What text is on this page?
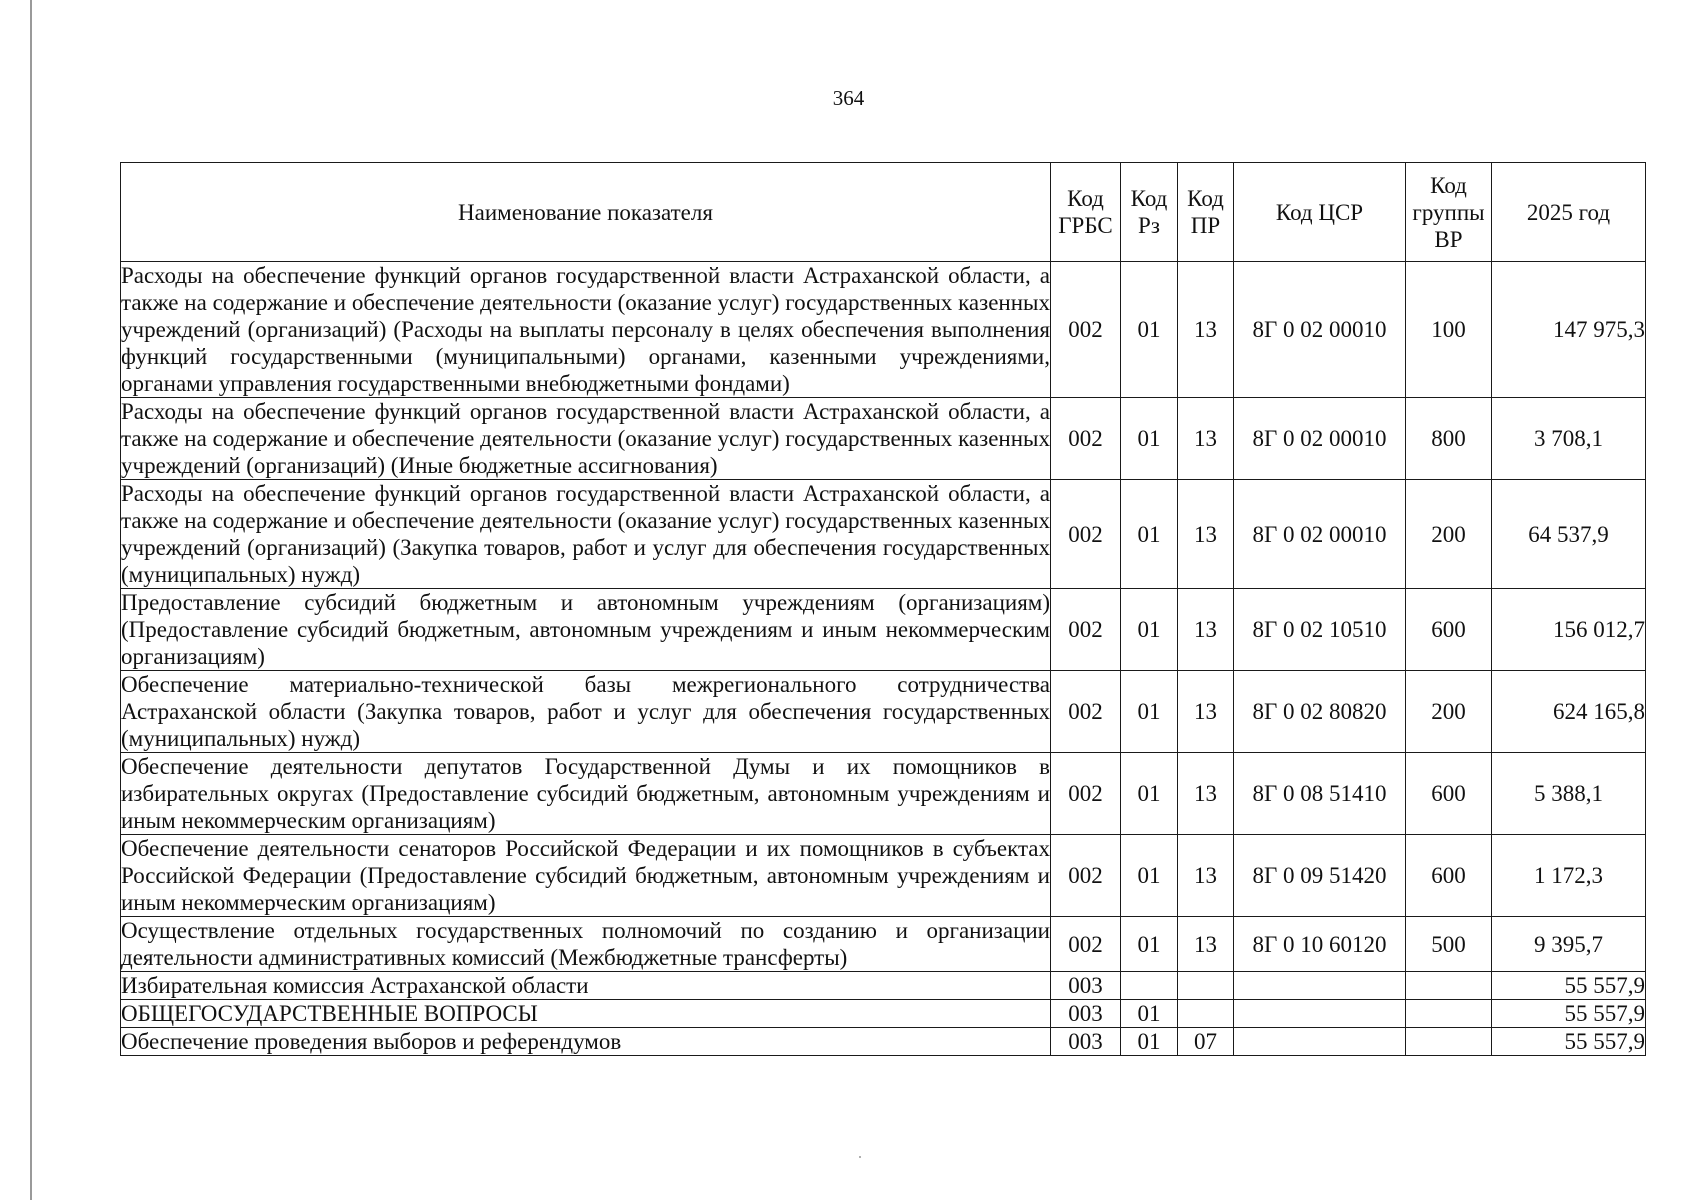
364
Наименование показателя	Код ГРБС	Код Рз	Код ПР	Код ЦСР	Код группы ВР	2025 год
Расходы на обеспечение функций органов государственной власти Астраханской области, а также на содержание и обеспечение деятельности (оказание услуг) государственных казенных учреждений (организаций) (Расходы на выплаты персоналу в целях обеспечения выполнения функций государственными (муниципальными) органами, казенными учреждениями, органами управления государственными внебюджетными фондами)	002	01	13	8Г 0 02 00010	100	147 975,3
Расходы на обеспечение функций органов государственной власти Астраханской области, а также на содержание и обеспечение деятельности (оказание услуг) государственных казенных учреждений (организаций) (Иные бюджетные ассигнования)	002	01	13	8Г 0 02 00010	800	3 708,1
Расходы на обеспечение функций органов государственной власти Астраханской области, а также на содержание и обеспечение деятельности (оказание услуг) государственных казенных учреждений (организаций) (Закупка товаров, работ и услуг для обеспечения государственных (муниципальных) нужд)	002	01	13	8Г 0 02 00010	200	64 537,9
Предоставление субсидий бюджетным и автономным учреждениям (организациям) (Предоставление субсидий бюджетным, автономным учреждениям и иным некоммерческим организациям)	002	01	13	8Г 0 02 10510	600	156 012,7
Обеспечение материально-технической базы межрегионального сотрудничества Астраханской области (Закупка товаров, работ и услуг для обеспечения государственных (муниципальных) нужд)	002	01	13	8Г 0 02 80820	200	624 165,8
Обеспечение деятельности депутатов Государственной Думы и их помощников в избирательных округах (Предоставление субсидий бюджетным, автономным учреждениям и иным некоммерческим организациям)	002	01	13	8Г 0 08 51410	600	5 388,1
Обеспечение деятельности сенаторов Российской Федерации и их помощников в субъектах Российской Федерации (Предоставление субсидий бюджетным, автономным учреждениям и иным некоммерческим организациям)	002	01	13	8Г 0 09 51420	600	1 172,3
Осуществление отдельных государственных полномочий по созданию и организации деятельности административных комиссий (Межбюджетные трансферты)	002	01	13	8Г 0 10 60120	500	9 395,7
Избирательная комиссия Астраханской области	003					55 557,9
ОБЩЕГОСУДАРСТВЕННЫЕ ВОПРОСЫ	003	01				55 557,9
Обеспечение проведения выборов и референдумов	003	01	07			55 557,9
